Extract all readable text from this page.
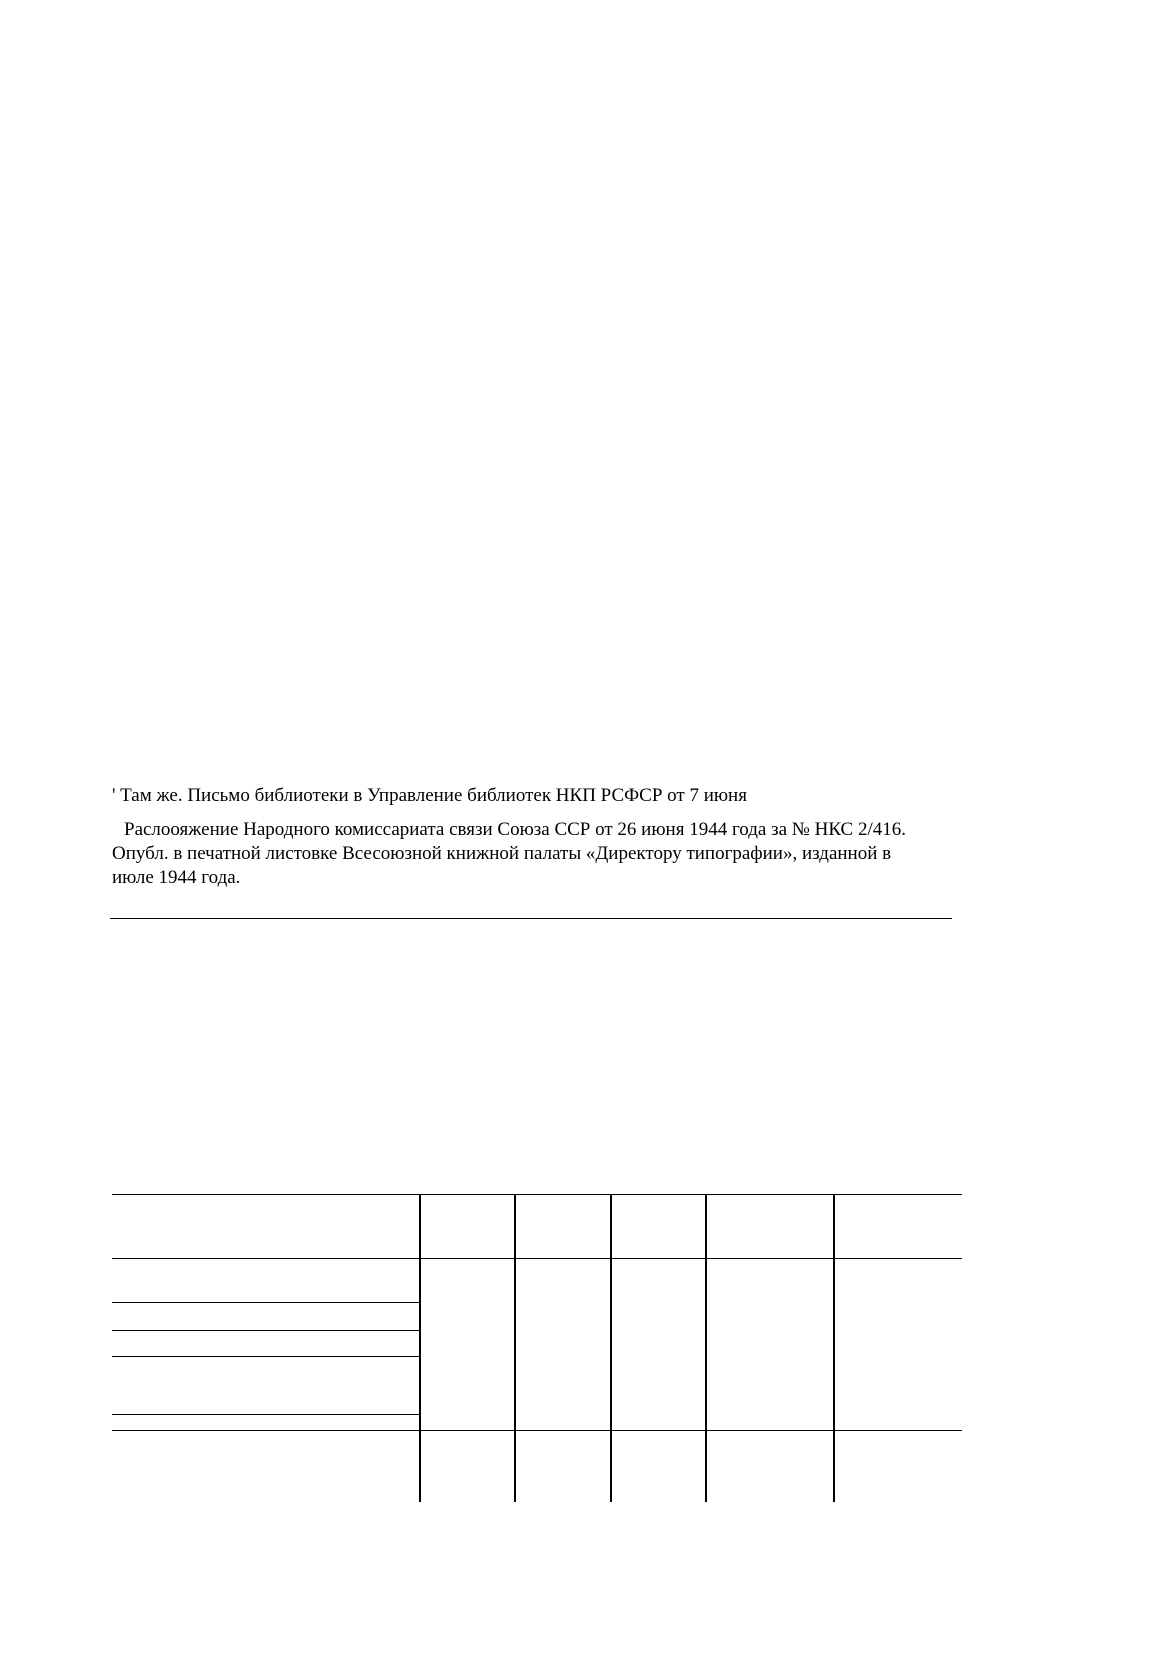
' Там же. Письмо библиотеки в Управление библиотек НКП РСФСР от 7 июня

Раслоояжение Народного комиссариата связи Союза ССР от 26 июня 1944 года за № НКС 2/416.
Опубл. в печатной листовке Всесоюзной книжной палаты «Директору типографии», изданной в
июле 1944 года.
